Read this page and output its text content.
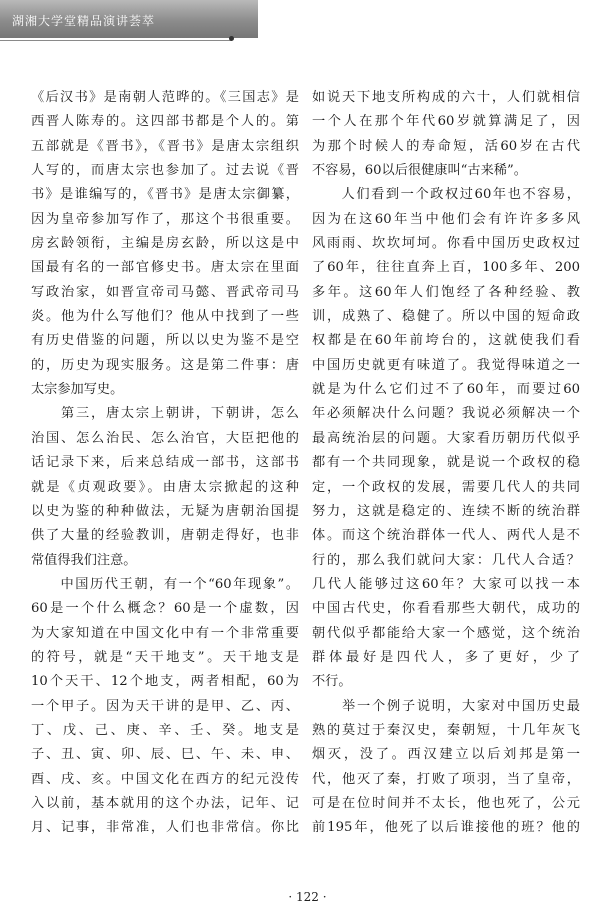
湖湘大学堂精品演讲荟萃
《后汉书》是南朝人范晔的。《三国志》是
西晋人陈寿的。这四部书都是个人的。第
五部就是《晋书》，《晋书》是唐太宗组织
人写的，而唐太宗也参加了。过去说《晋
书》是谁编写的，《晋书》是唐太宗御纂，
因为皇帝参加写作了，那这个书很重要。
房玄龄领衔，主编是房玄龄，所以这是中
国最有名的一部官修史书。唐太宗在里面
写政治家，如晋宣帝司马懿、晋武帝司马
炎。他为什么写他们？他从中找到了一些
有历史借鉴的问题，所以以史为鉴不是空
的，历史为现实服务。这是第二件事：唐
太宗参加写史。
　　第三，唐太宗上朝讲，下朝讲，怎么
治国、怎么治民、怎么治官，大臣把他的
话记录下来，后来总结成一部书，这部书
就是《贞观政要》。由唐太宗掀起的这种
以史为鉴的种种做法，无疑为唐朝治国提
供了大量的经验教训，唐朝走得好，也非
常值得我们注意。
　　中国历代王朝，有一个“60年现象”。
60是一个什么概念？60是一个虚数，因
为大家知道在中国文化中有一个非常重要
的符号，就是“天干地支”。天干地支是
10个天干、12个地支，两者相配，60为
一个甲子。因为天干讲的是甲、乙、丙、
丁、戊、己、庚、辛、壬、癸。地支是
子、丑、寅、卯、辰、巳、午、未、申、
酉、戌、亥。中国文化在西方的纪元没传
入以前，基本就用的这个办法，记年、记
月、记事，非常准，人们也非常信。你比
如说天下地支所构成的六十，人们就相信
一个人在那个年代60岁就算满足了，因
为那个时候人的寿命短，活60岁在古代
不容易，60以后很健康叫“古来稀”。
　　人们看到一个政权过60年也不容易，
因为在这60年当中他们会有许许多多风
风雨雨、坎坎坷坷。你看中国历史政权过
了60年，往往直奔上百，100多年、200
多年。这60年人们饱经了各种经验、教
训，成熟了、稳健了。所以中国的短命政
权都是在60年前垮台的，这就使我们看
中国历史就更有味道了。我觉得味道之一
就是为什么它们过不了60年，而要过60
年必须解决什么问题？我说必须解决一个
最高统治层的问题。大家看历朝历代似乎
都有一个共同现象，就是说一个政权的稳
定，一个政权的发展，需要几代人的共同
努力，这就是稳定的、连续不断的统治群
体。而这个统治群体一代人、两代人是不
行的，那么我们就问大家：几代人合适？
几代人能够过这60年？大家可以找一本
中国古代史，你看看那些大朝代，成功的
朝代似乎都能给大家一个感觉，这个统治
群体最好是四代人，多了更好，少了
不行。
　　举一个例子说明，大家对中国历史最
熟的莫过于秦汉史，秦朝短，十几年灰飞
烟灭，没了。西汉建立以后刘邦是第一
代，他灭了秦，打败了项羽，当了皇帝，
可是在位时间并不太长，他也死了，公元
前195年，他死了以后谁接他的班？他的
· 122 ·
